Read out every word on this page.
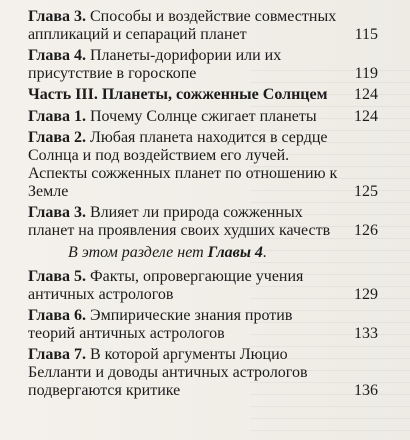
Глава 3. Способы и воздействие совместных аппликаций и сепараций планет	115
Глава 4. Планеты-дорифории или их присутствие в гороскопе	119
Часть III. Планеты, сожженные Солнцем	124
Глава 1. Почему Солнце сжигает планеты	124
Глава 2. Любая планета находится в сердце Солнца и под воздействием его лучей. Аспекты сожженных планет по отношению к Земле	125
Глава 3. Влияет ли природа сожженных планет на проявления своих худших качеств	126
В этом разделе нет Главы 4.
Глава 5. Факты, опровергающие учения античных астрологов	129
Глава 6. Эмпирические знания против теорий античных астрологов	133
Глава 7. В которой аргументы Люцио Белланти и доводы античных астрологов подвергаются критике	136
